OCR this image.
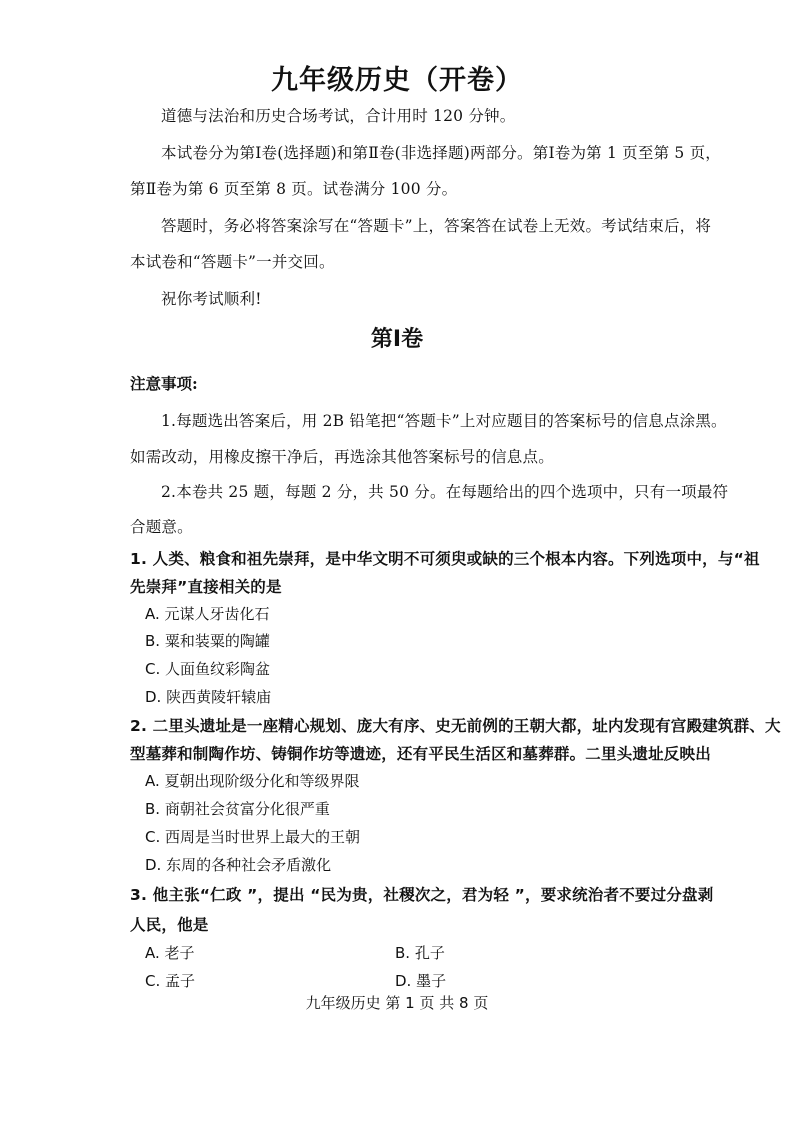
九年级历史（开卷）
道德与法治和历史合场考试，合计用时 120 分钟。
本试卷分为第Ⅰ卷(选择题)和第Ⅱ卷(非选择题)两部分。第Ⅰ卷为第 1 页至第 5 页，
第Ⅱ卷为第 6 页至第 8 页。试卷满分 100 分。
答题时，务必将答案涂写在“答题卡”上，答案答在试卷上无效。考试结束后，将
本试卷和“答题卡”一并交回。
祝你考试顺利!
第Ⅰ卷
注意事项:
1.每题选出答案后，用 2B 铅笔把“答题卡”上对应题目的答案标号的信息点涂黑。
如需改动，用橡皮擦干净后，再选涂其他答案标号的信息点。
2.本卷共 25 题，每题 2 分，共 50 分。在每题给出的四个选项中，只有一项最符
合题意。
1. 人类、粮食和祖先崇拜，是中华文明不可须臾或缺的三个根本内容。下列选项中，与“祖
先崇拜”直接相关的是
A. 元谋人牙齿化石
B. 粟和装粟的陶罐
C. 人面鱼纹彩陶盆
D. 陕西黄陵轩辕庙
2. 二里头遗址是一座精心规划、庞大有序、史无前例的王朝大都，址内发现有宫殿建筑群、大
型墓葬和制陶作坊、铸铜作坊等遗迹，还有平民生活区和墓葬群。二里头遗址反映出
A. 夏朝出现阶级分化和等级界限
B. 商朝社会贫富分化很严重
C. 西周是当时世界上最大的王朝
D. 东周的各种社会矛盾激化
3. 他主张“仁政 ”，提出 “民为贵，社稷次之，君为轻 ”，要求统治者不要过分盘剥
人民，他是
A. 老子	B. 孔子
C. 孟子	D. 墨子
九年级历史 第 1 页 共 8 页
